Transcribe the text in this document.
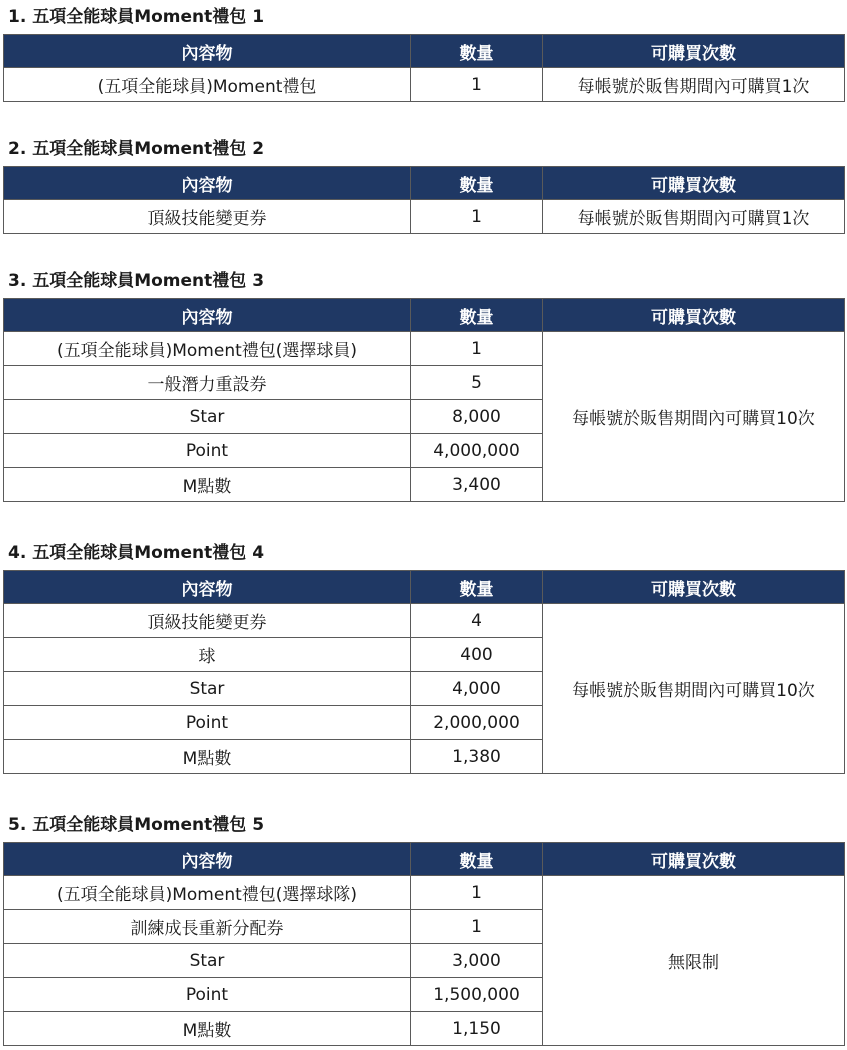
1. 五項全能球員Moment禮包 1
內容物	數量	可購買次數
(五項全能球員)Moment禮包	1	每帳號於販售期間內可購買1次
2. 五項全能球員Moment禮包 2
內容物	數量	可購買次數
頂級技能變更券	1	每帳號於販售期間內可購買1次
3. 五項全能球員Moment禮包 3
內容物	數量	可購買次數
(五項全能球員)Moment禮包(選擇球員)	1	每帳號於販售期間內可購買10次
一般潛力重設券	5	
Star	8,000	
Point	4,000,000	
M點數	3,400	
4. 五項全能球員Moment禮包 4
內容物	數量	可購買次數
頂級技能變更券	4	每帳號於販售期間內可購買10次
球	400	
Star	4,000	
Point	2,000,000	
M點數	1,380	
5. 五項全能球員Moment禮包 5
內容物	數量	可購買次數
(五項全能球員)Moment禮包(選擇球隊)	1	無限制
訓練成長重新分配券	1	
Star	3,000	
Point	1,500,000	
M點數	1,150	
